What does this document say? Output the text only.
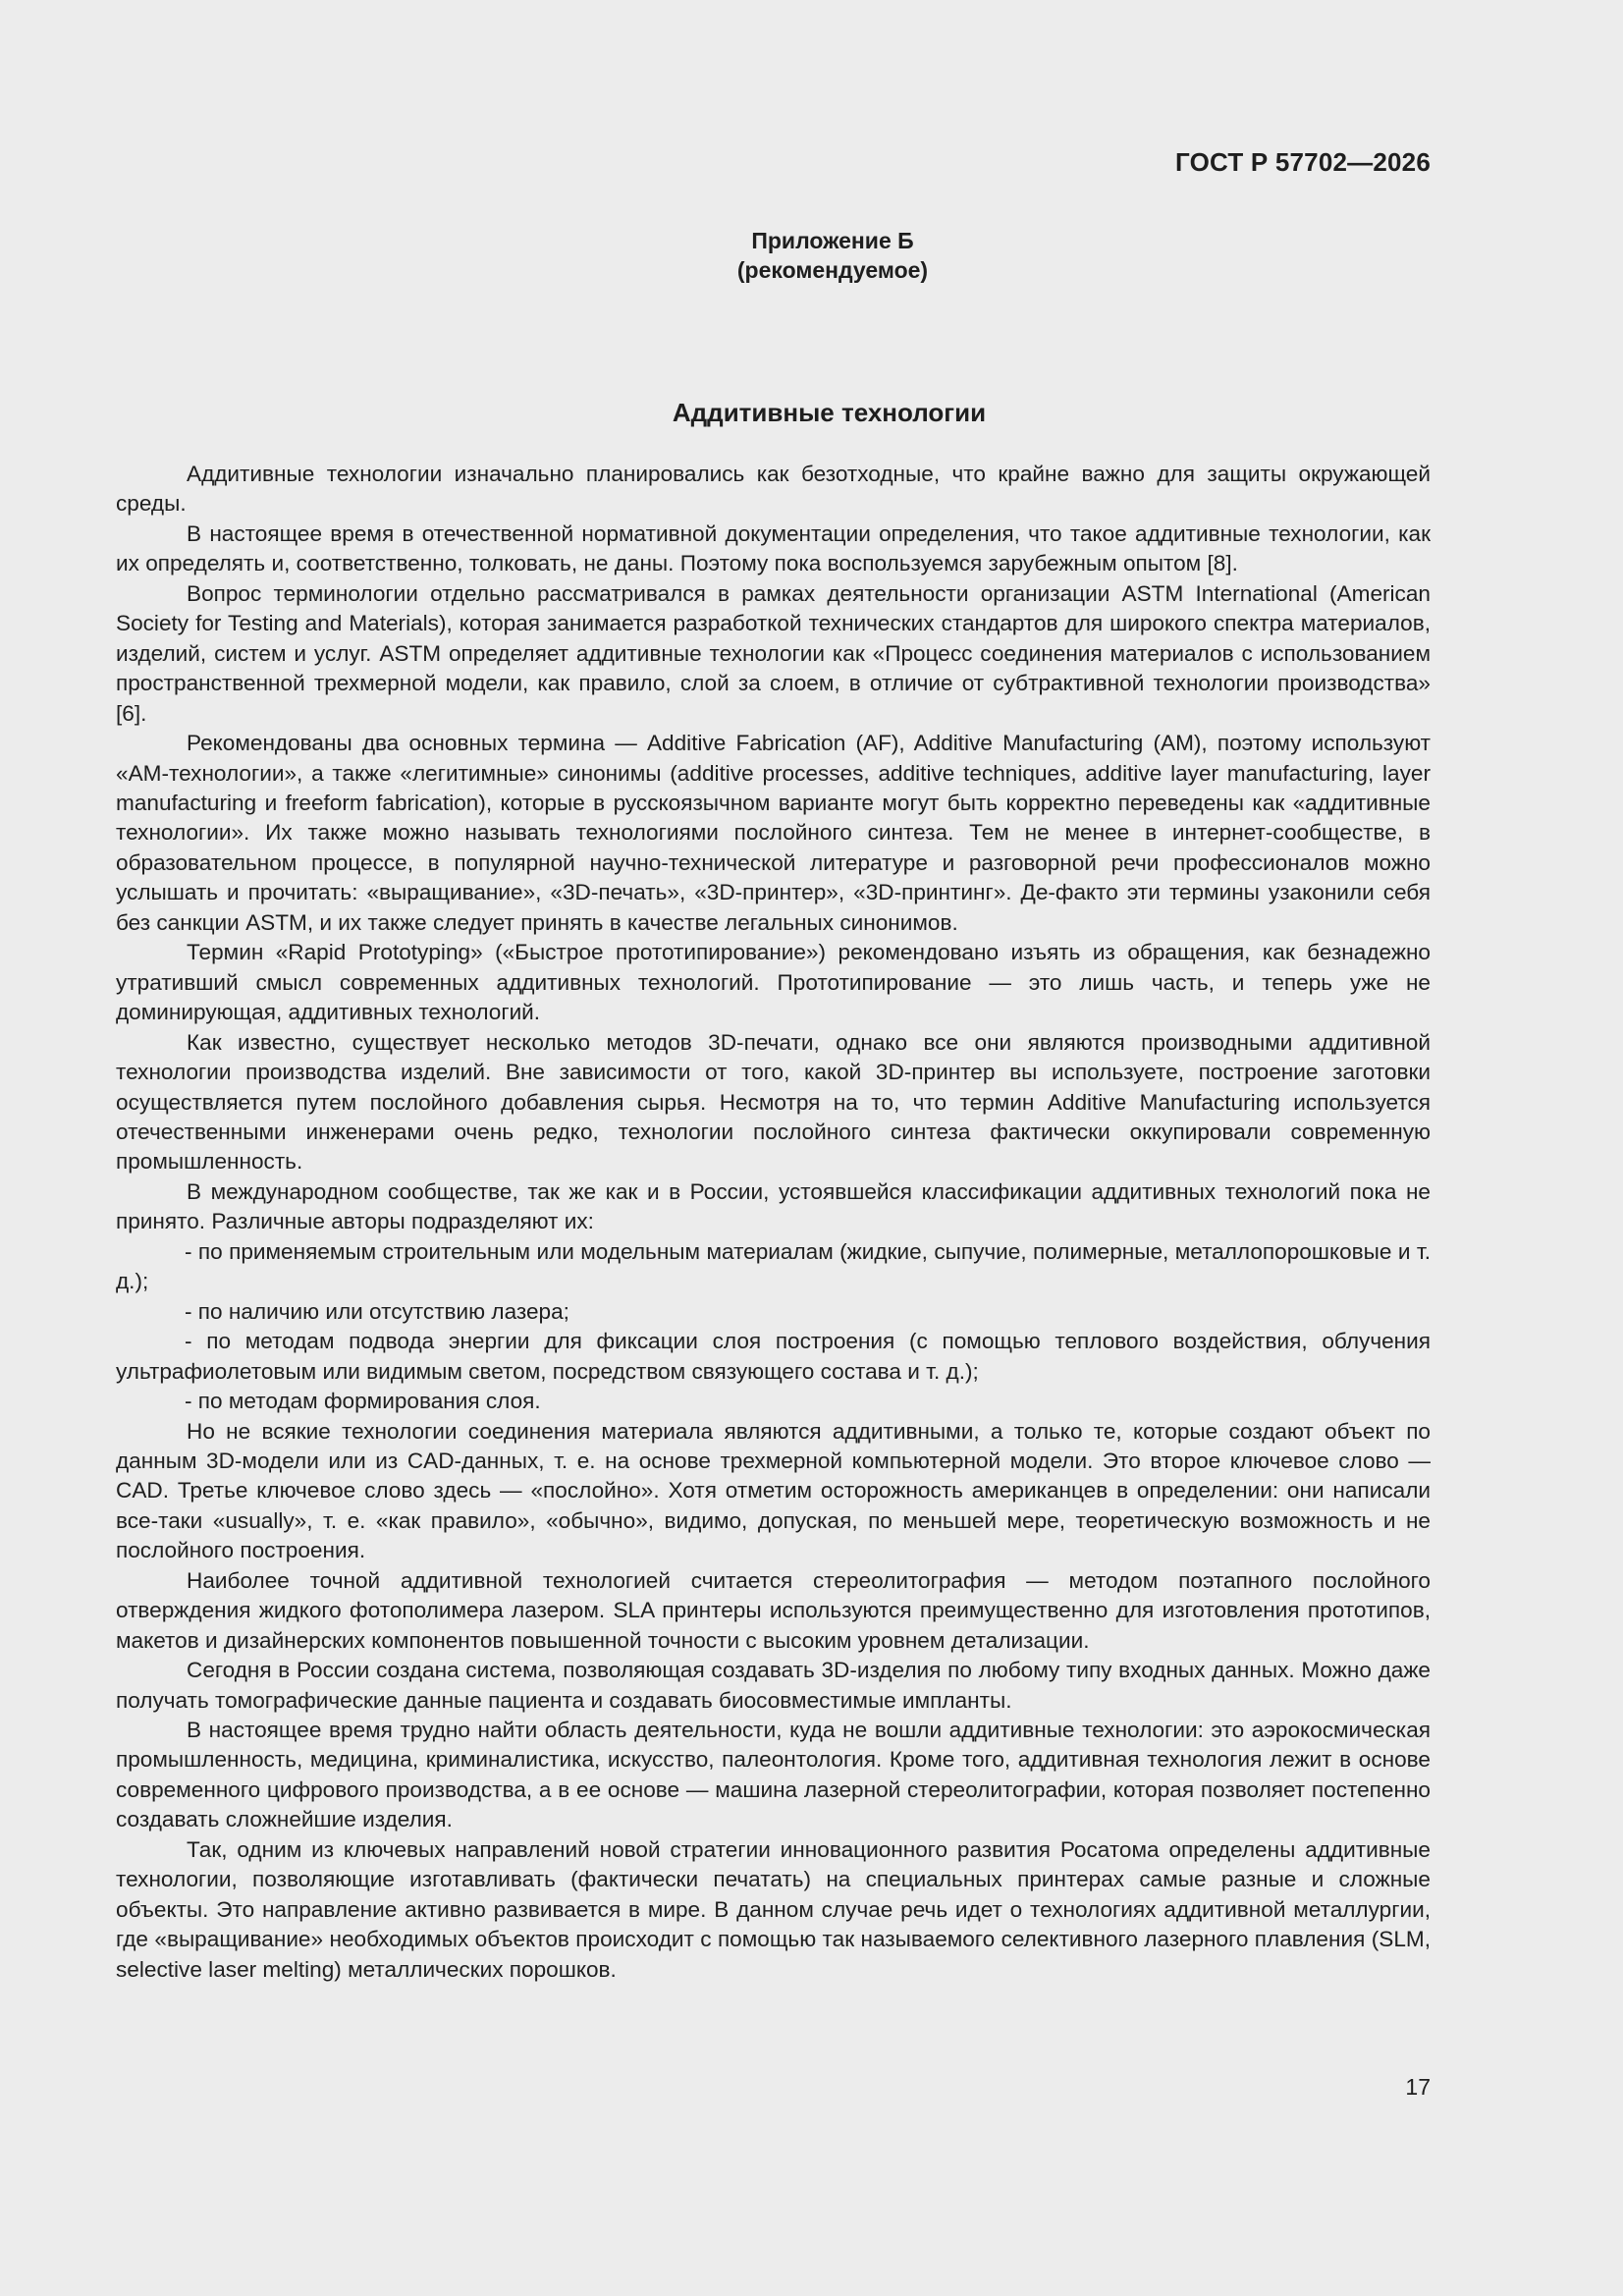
ГОСТ Р 57702—2026
Приложение Б
(рекомендуемое)
Аддитивные технологии

Аддитивные технологии изначально планировались как безотходные, что крайне важно для защиты окружающей среды.

В настоящее время в отечественной нормативной документации определения, что такое аддитивные технологии, как их определять и, соответственно, толковать, не даны. Поэтому пока воспользуемся зарубежным опытом [8].

Вопрос терминологии отдельно рассматривался в рамках деятельности организации ASTM International (American Society for Testing and Materials), которая занимается разработкой технических стандартов для широкого спектра материалов, изделий, систем и услуг. ASTM определяет аддитивные технологии как «Процесс соединения материалов с использованием пространственной трехмерной модели, как правило, слой за слоем, в отличие от субтрактивной технологии производства» [6].

Рекомендованы два основных термина — Additive Fabrication (AF), Additive Manufacturing (AM), поэтому используют «АМ-технологии», а также «легитимные» синонимы (additive processes, additive techniques, additive layer manufacturing, layer manufacturing и freeform fabrication), которые в русскоязычном варианте могут быть корректно переведены как «аддитивные технологии». Их также можно называть технологиями послойного синтеза. Тем не менее в интернет-сообществе, в образовательном процессе, в популярной научно-технической литературе и разговорной речи профессионалов можно услышать и прочитать: «выращивание», «3D-печать», «3D-принтер», «3D-принтинг». Де-факто эти термины узаконили себя без санкции ASTM, и их также следует принять в качестве легальных синонимов.

Термин «Rapid Prototyping» («Быстрое прототипирование») рекомендовано изъять из обращения, как безнадежно утративший смысл современных аддитивных технологий. Прототипирование — это лишь часть, и теперь уже не доминирующая, аддитивных технологий.

Как известно, существует несколько методов 3D-печати, однако все они являются производными аддитивной технологии производства изделий. Вне зависимости от того, какой 3D-принтер вы используете, построение заготовки осуществляется путем послойного добавления сырья. Несмотря на то, что термин Additive Manufacturing используется отечественными инженерами очень редко, технологии послойного синтеза фактически оккупировали современную промышленность.

В международном сообществе, так же как и в России, устоявшейся классификации аддитивных технологий пока не принято. Различные авторы подразделяют их:

- по применяемым строительным или модельным материалам (жидкие, сыпучие, полимерные, металлопорошковые и т. д.);

- по наличию или отсутствию лазера;

- по методам подвода энергии для фиксации слоя построения (с помощью теплового воздействия, облучения ультрафиолетовым или видимым светом, посредством связующего состава и т. д.);

- по методам формирования слоя.

Но не всякие технологии соединения материала являются аддитивными, а только те, которые создают объект по данным 3D-модели или из CAD-данных, т. е. на основе трехмерной компьютерной модели. Это второе ключевое слово — CAD. Третье ключевое слово здесь — «послойно». Хотя отметим осторожность американцев в определении: они написали все-таки «usually», т. е. «как правило», «обычно», видимо, допуская, по меньшей мере, теоретическую возможность и не послойного построения.

Наиболее точной аддитивной технологией считается стереолитография — методом поэтапного послойного отверждения жидкого фотополимера лазером. SLA принтеры используются преимущественно для изготовления прототипов, макетов и дизайнерских компонентов повышенной точности с высоким уровнем детализации.

Сегодня в России создана система, позволяющая создавать 3D-изделия по любому типу входных данных. Можно даже получать томографические данные пациента и создавать биосовместимые импланты.

В настоящее время трудно найти область деятельности, куда не вошли аддитивные технологии: это аэрокосмическая промышленность, медицина, криминалистика, искусство, палеонтология. Кроме того, аддитивная технология лежит в основе современного цифрового производства, а в ее основе — машина лазерной стереолитографии, которая позволяет постепенно создавать сложнейшие изделия.

Так, одним из ключевых направлений новой стратегии инновационного развития Росатома определены аддитивные технологии, позволяющие изготавливать (фактически печатать) на специальных принтерах самые разные и сложные объекты. Это направление активно развивается в мире. В данном случае речь идет о технологиях аддитивной металлургии, где «выращивание» необходимых объектов происходит с помощью так называемого селективного лазерного плавления (SLM, selective laser melting) металлических порошков.

17
